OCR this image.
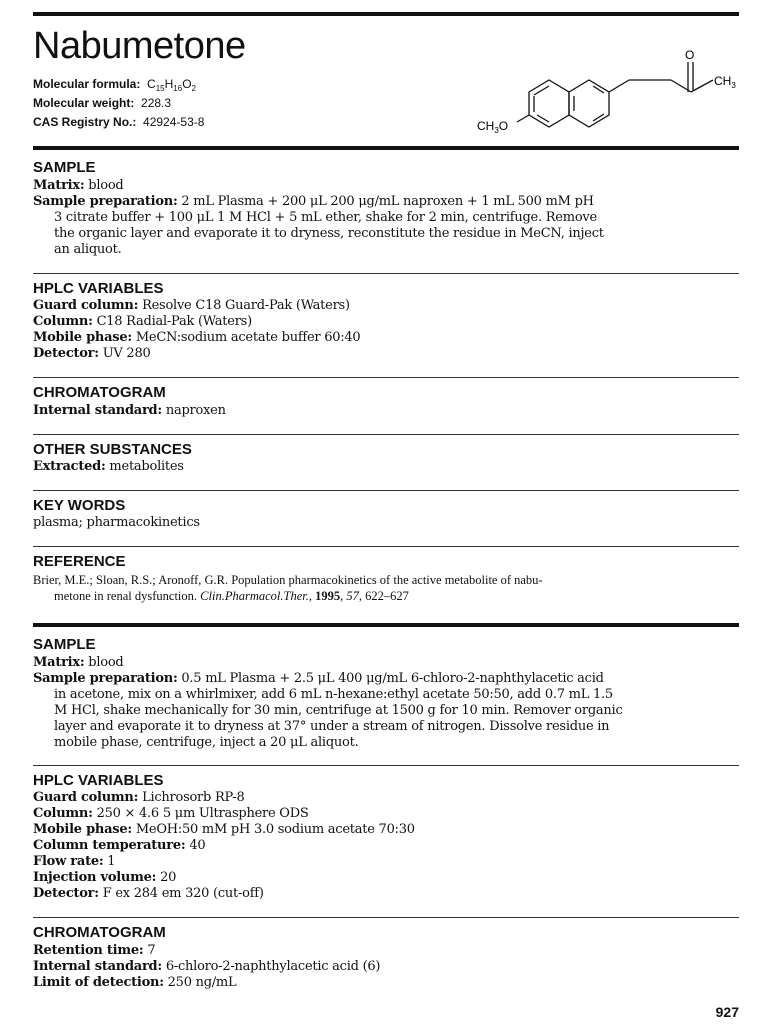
Nabumetone
Molecular formula: $C_{15}H_{16}O_2$
Molecular weight: 228.3
CAS Registry No.: 42924-53-8
O
$CH_3$
$CH_3O$
SAMPLE
Matrix: blood
Sample preparation: 2 mL Plasma + 200 μL 200 μg/mL naproxen + 1 mL 500 mM pH
3 citrate buffer + 100 μL 1 M HCl + 5 mL ether, shake for 2 min, centrifuge. Remove
the organic layer and evaporate it to dryness, reconstitute the residue in MeCN, inject
an aliquot.
HPLC VARIABLES
Guard column: Resolve C18 Guard-Pak (Waters)
Column: C18 Radial-Pak (Waters)
Mobile phase: MeCN:sodium acetate buffer 60:40
Detector: UV 280
CHROMATOGRAM
Internal standard: naproxen
OTHER SUBSTANCES
Extracted: metabolites
KEY WORDS
plasma; pharmacokinetics
REFERENCE
Brier, M.E.; Sloan, R.S.; Aronoff, G.R. Population pharmacokinetics of the active metabolite of nabu-
metone in renal dysfunction. Clin.Pharmacol.Ther., 1995, 57, 622–627
SAMPLE
Matrix: blood
Sample preparation: 0.5 mL Plasma + 2.5 μL 400 μg/mL 6-chloro-2-naphthylacetic acid
in acetone, mix on a whirlmixer, add 6 mL n-hexane:ethyl acetate 50:50, add 0.7 mL 1.5
M HCl, shake mechanically for 30 min, centrifuge at 1500 g for 10 min. Remover organic
layer and evaporate it to dryness at 37° under a stream of nitrogen. Dissolve residue in
mobile phase, centrifuge, inject a 20 μL aliquot.
HPLC VARIABLES
Guard column: Lichrosorb RP-8
Column: 250 × 4.6 5 μm Ultrasphere ODS
Mobile phase: MeOH:50 mM pH 3.0 sodium acetate 70:30
Column temperature: 40
Flow rate: 1
Injection volume: 20
Detector: F ex 284 em 320 (cut-off)
CHROMATOGRAM
Retention time: 7
Internal standard: 6-chloro-2-naphthylacetic acid (6)
Limit of detection: 250 ng/mL
927
